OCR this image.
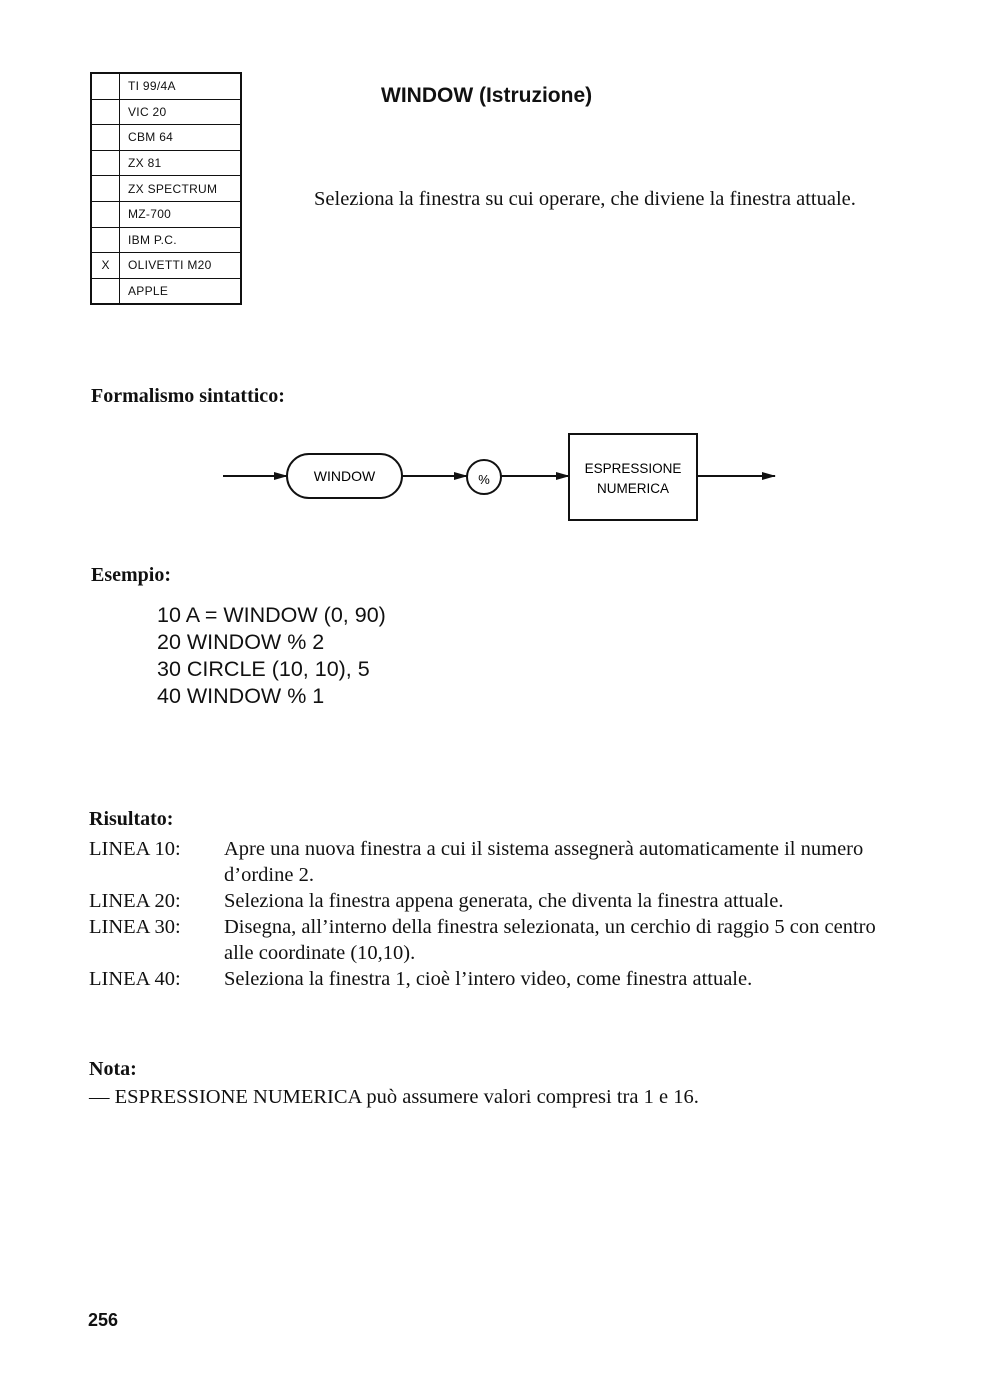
	TI 99/4A
	VIC 20
	CBM 64
	ZX 81
	ZX SPECTRUM
	MZ-700
	IBM P.C.
X	OLIVETTI M20
	APPLE
WINDOW (Istruzione)
Seleziona la finestra su cui operare, che diviene la finestra attuale.
Formalismo sintattico:
WINDOW	%
ESPRESSIONE
NUMERICA
Esempio:
10 A = WINDOW (0, 90)
20 WINDOW % 2
30 CIRCLE (10, 10), 5
40 WINDOW % 1
Risultato:
LINEA 10:	Apre una nuova finestra a cui il sistema assegnerà automaticamente il numero d’ordine 2.
LINEA 20:	Seleziona la finestra appena generata, che diventa la finestra attuale.
LINEA 30:	Disegna, all’interno della finestra selezionata, un cerchio di raggio 5 con centro alle coordinate (10,10).
LINEA 40:	Seleziona la finestra 1, cioè l’intero video, come finestra attuale.
Nota:
— ESPRESSIONE NUMERICA può assumere valori compresi tra 1 e 16.
256
